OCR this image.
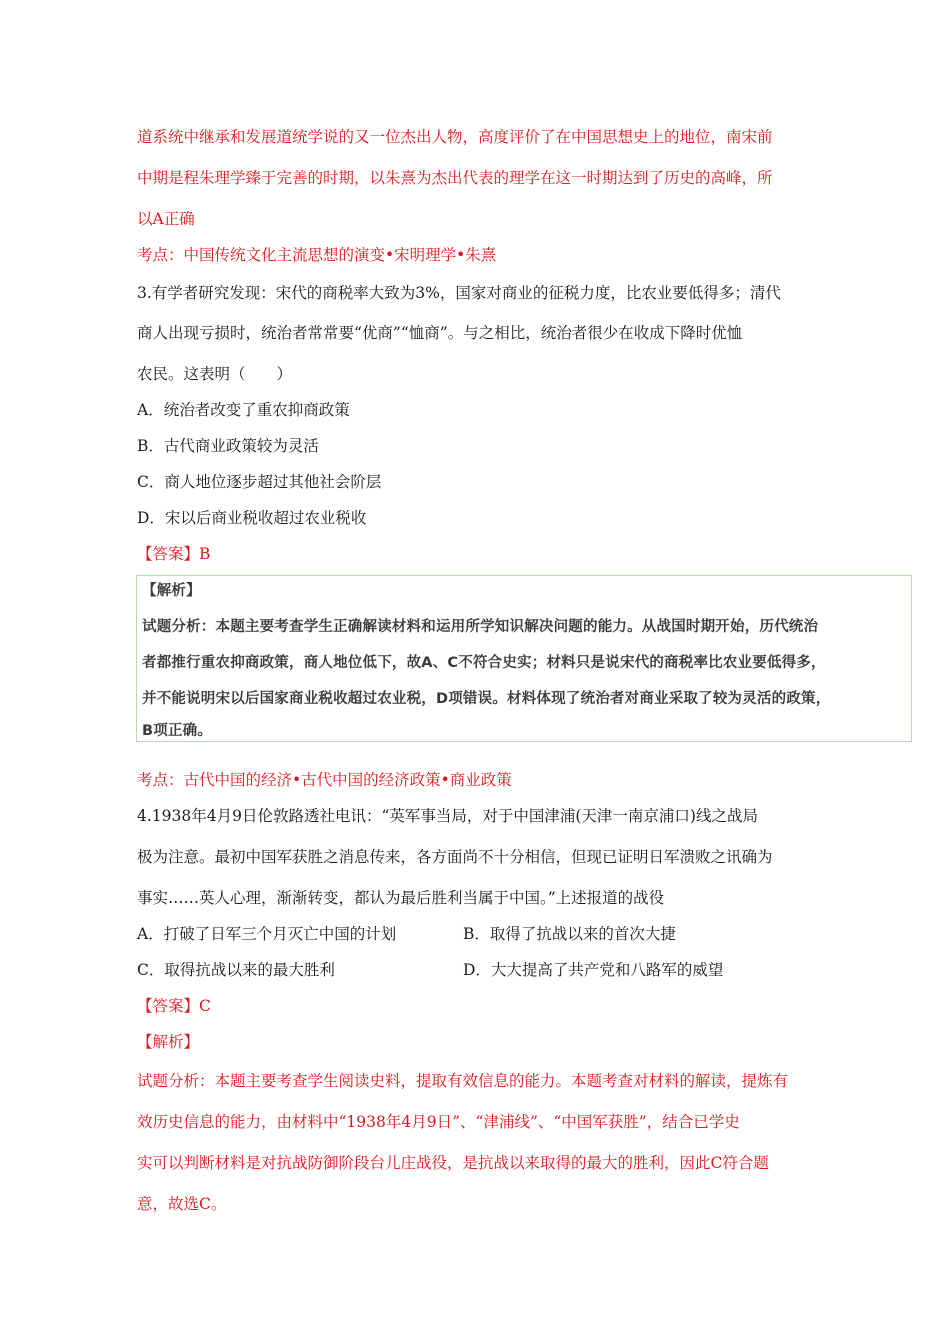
道系统中继承和发展道统学说的又一位杰出人物，高度评价了在中国思想史上的地位，南宋前
中期是程朱理学臻于完善的时期，以朱熹为杰出代表的理学在这一时期达到了历史的高峰，所
以A正确
考点：中国传统文化主流思想的演变•宋明理学•朱熹
3.有学者研究发现：宋代的商税率大致为3%，国家对商业的征税力度，比农业要低得多；清代
商人出现亏损时，统治者常常要“优商”“恤商”。与之相比，统治者很少在收成下降时优恤
农民。这表明（　　）
A．统治者改变了重农抑商政策
B．古代商业政策较为灵活
C．商人地位逐步超过其他社会阶层
D．宋以后商业税收超过农业税收
【答案】B
【解析】
试题分析：本题主要考查学生正确解读材料和运用所学知识解决问题的能力。从战国时期开始，历代统治
者都推行重农抑商政策，商人地位低下，故A、C不符合史实；材料只是说宋代的商税率比农业要低得多，
并不能说明宋以后国家商业税收超过农业税，D项错误。材料体现了统治者对商业采取了较为灵活的政策，
B项正确。
考点：古代中国的经济•古代中国的经济政策•商业政策
4.1938年4月9日伦敦路透社电讯：“英军事当局，对于中国津浦(天津一南京浦口)线之战局
极为注意。最初中国军获胜之消息传来，各方面尚不十分相信，但现已证明日军溃败之讯确为
事实……英人心理，渐渐转变，都认为最后胜利当属于中国。”上述报道的战役
A．打破了日军三个月灭亡中国的计划	B．取得了抗战以来的首次大捷
C．取得抗战以来的最大胜利	D．大大提高了共产党和八路军的威望
【答案】C
【解析】
试题分析：本题主要考查学生阅读史料，提取有效信息的能力。本题考查对材料的解读，提炼有
效历史信息的能力，由材料中“1938年4月9日”、“津浦线”、“中国军获胜”，结合已学史
实可以判断材料是对抗战防御阶段台儿庄战役，是抗战以来取得的最大的胜利，因此C符合题
意，故选C。
